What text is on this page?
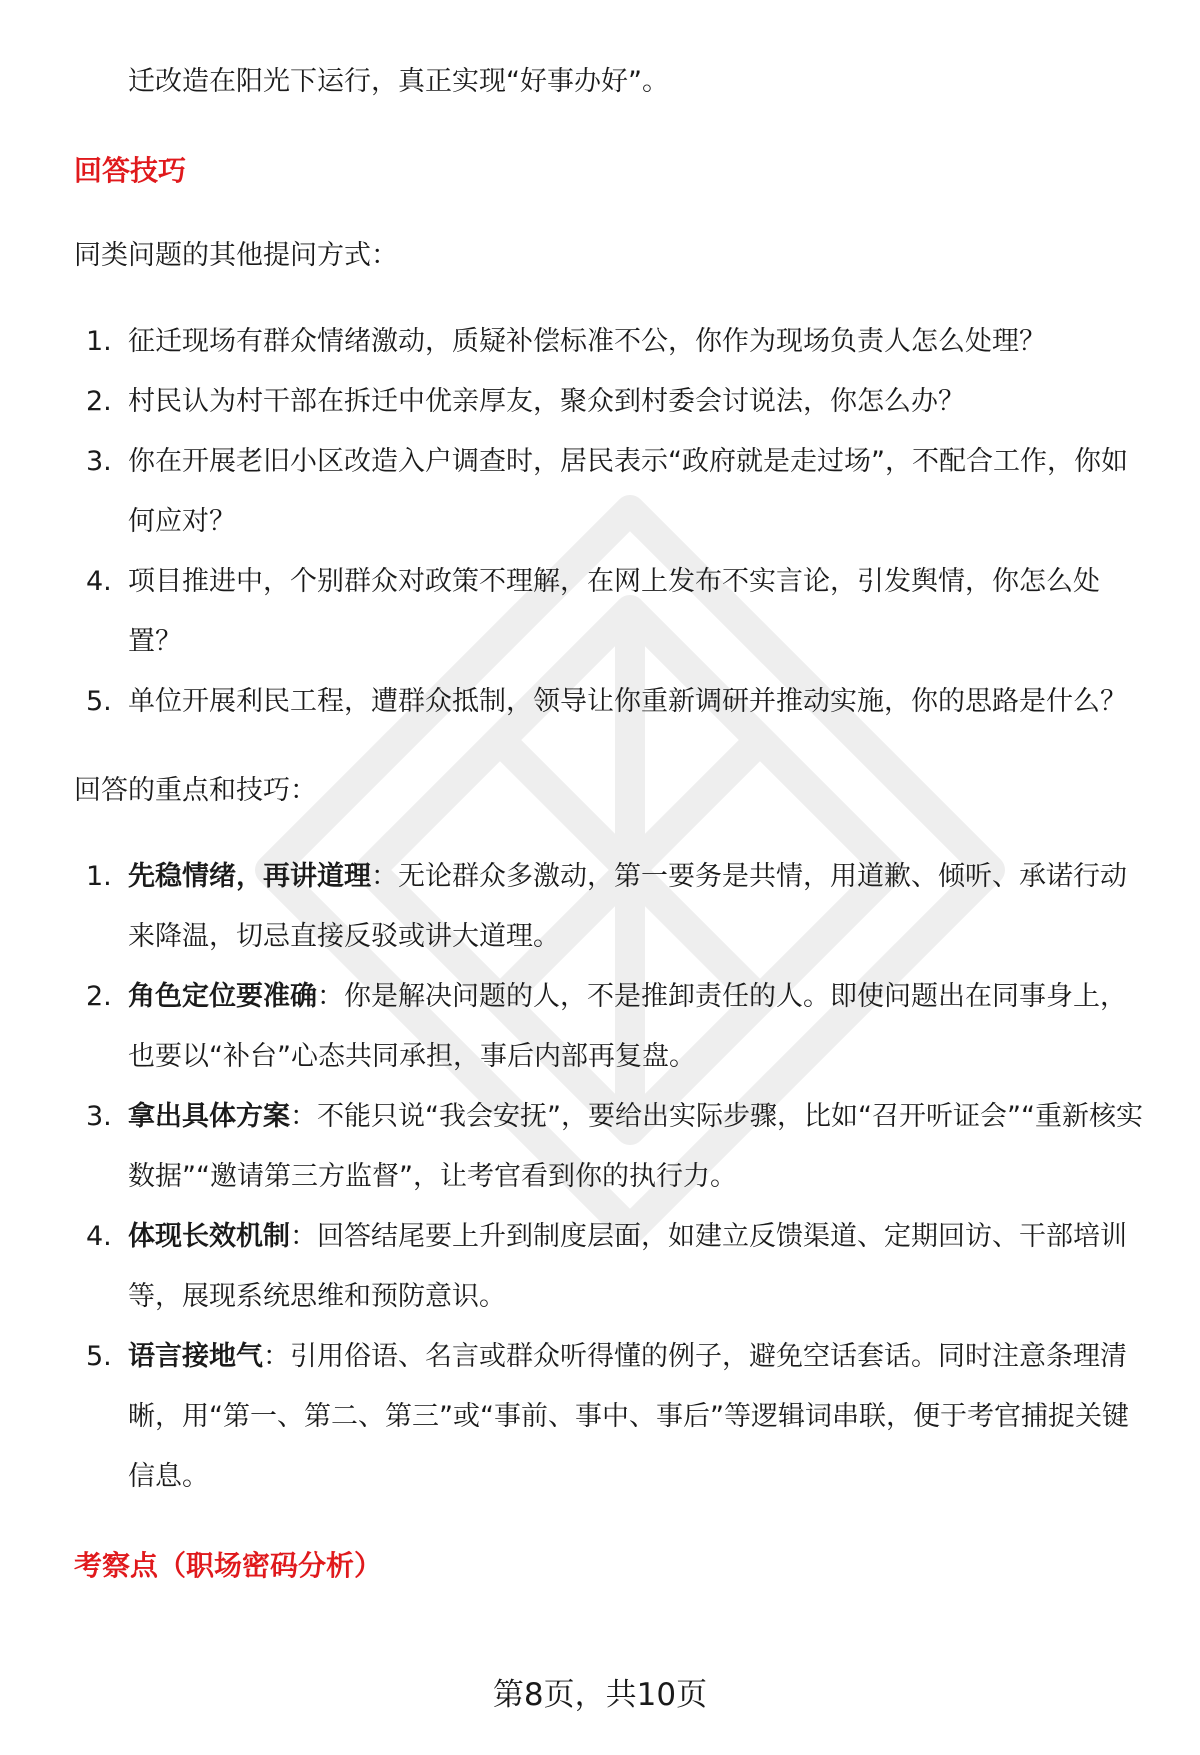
迁改造在阳光下运行，真正实现“好事办好”。

回答技巧

同类问题的其他提问方式：

1. 征迁现场有群众情绪激动，质疑补偿标准不公，你作为现场负责人怎么处理？
2. 村民认为村干部在拆迁中优亲厚友，聚众到村委会讨说法，你怎么办？
3. 你在开展老旧小区改造入户调查时，居民表示“政府就是走过场”，不配合工作，你如何应对？
4. 项目推进中，个别群众对政策不理解，在网上发布不实言论，引发舆情，你怎么处置？
5. 单位开展利民工程，遭群众抵制，领导让你重新调研并推动实施，你的思路是什么？

回答的重点和技巧：

1. 先稳情绪，再讲道理：无论群众多激动，第一要务是共情，用道歉、倾听、承诺行动来降温，切忌直接反驳或讲大道理。
2. 角色定位要准确：你是解决问题的人，不是推卸责任的人。即使问题出在同事身上，也要以“补台”心态共同承担，事后内部再复盘。
3. 拿出具体方案：不能只说“我会安抚”，要给出实际步骤，比如“召开听证会”“重新核实数据”“邀请第三方监督”，让考官看到你的执行力。
4. 体现长效机制：回答结尾要上升到制度层面，如建立反馈渠道、定期回访、干部培训等，展现系统思维和预防意识。
5. 语言接地气：引用俗语、名言或群众听得懂的例子，避免空话套话。同时注意条理清晰，用“第一、第二、第三”或“事前、事中、事后”等逻辑词串联，便于考官捕捉关键信息。
考察点（职场密码分析）
第8页，共10页
